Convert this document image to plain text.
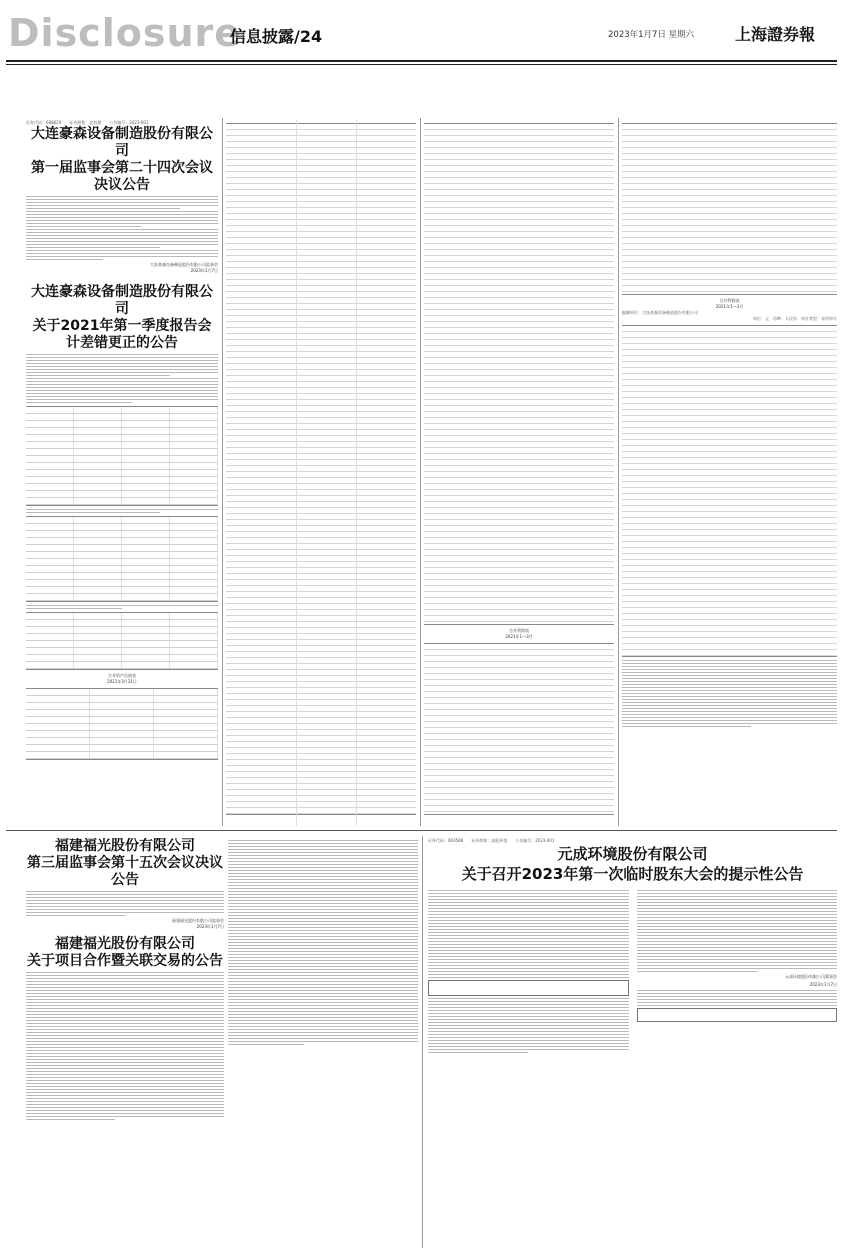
Disclosure
信息披露/24	2023年1月7日 星期六	上海證券報
证券代码：688620　　证券简称：安凯微　　公告编号：2023-001
大连豪森设备制造股份有限公司
第一届监事会第二十四次会议决议公告
大连豪森设备制造股份有限公司监事会
2023年1月7日
大连豪森设备制造股份有限公司
关于2021年第一季度报告会计差错更正的公告
合并资产负债表
2021年3月31日
合并利润表
2021年1—3月
合并利润表
2021年1—3月
编制单位：大连豪森设备制造股份有限公司
单位：元　币种：人民币　审计类型：未经审计
福建福光股份有限公司
第三届监事会第十五次会议决议公告
福建福光股份有限公司监事会
2023年1月7日
福建福光股份有限公司
关于项目合作暨关联交易的公告
证券代码：603588　　证券简称：高能环境　　公告编号：2023-001
元成环境股份有限公司
关于召开2023年第一次临时股东大会的提示性公告
元成环境股份有限公司董事会
2023年1月7日
